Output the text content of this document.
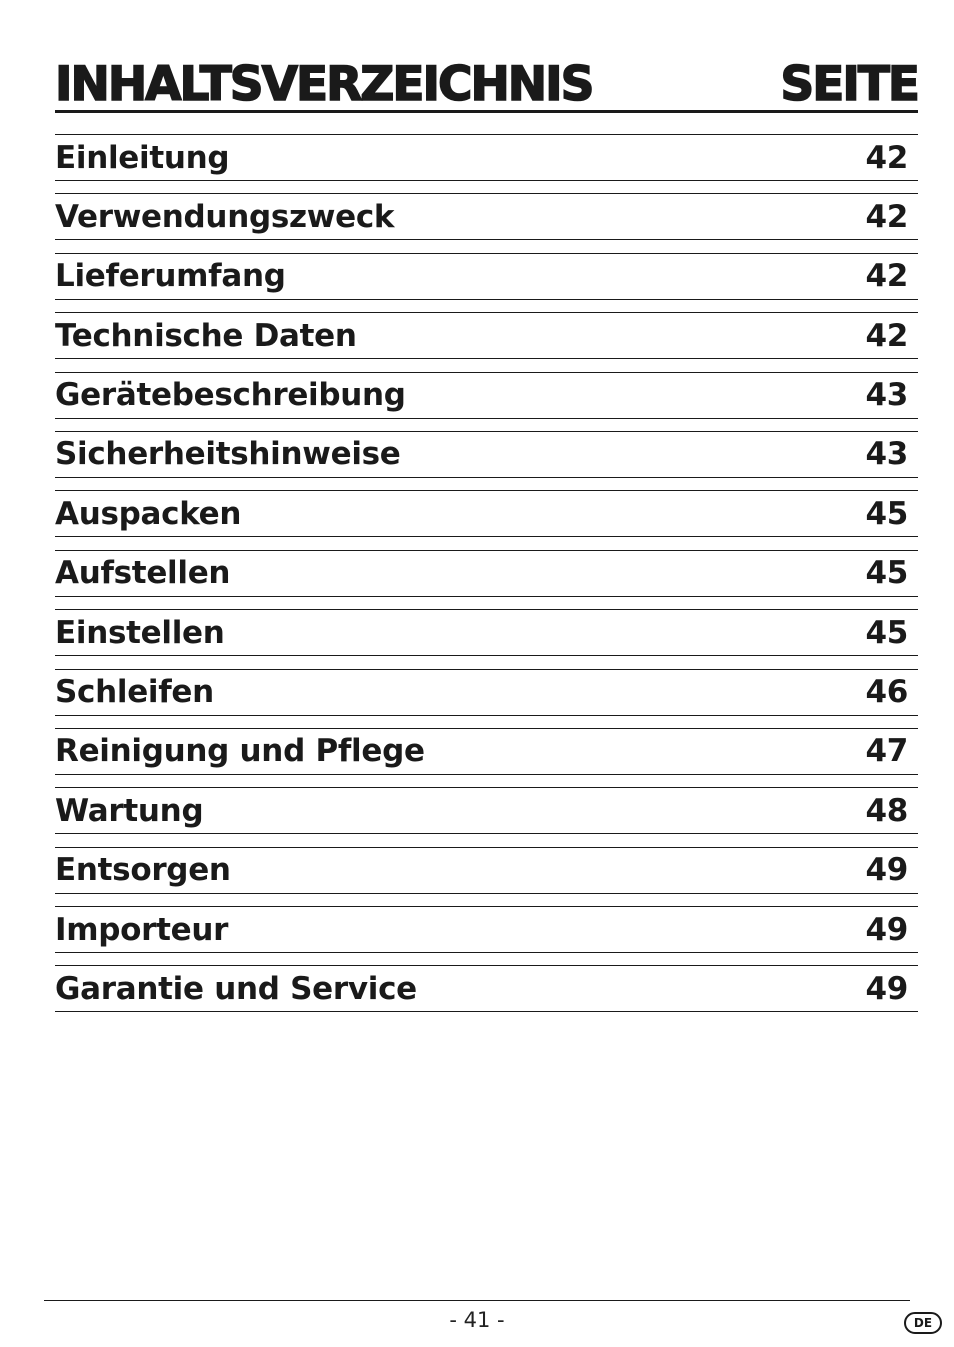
INHALTSVERZEICHNIS	SEITE
Einleitung	42
Verwendungszweck	42
Lieferumfang	42
Technische Daten	42
Gerätebeschreibung	43
Sicherheitshinweise	43
Auspacken	45
Aufstellen	45
Einstellen	45
Schleifen	46
Reinigung und Pflege	47
Wartung	48
Entsorgen	49
Importeur	49
Garantie und Service	49
- 41 -	DE
